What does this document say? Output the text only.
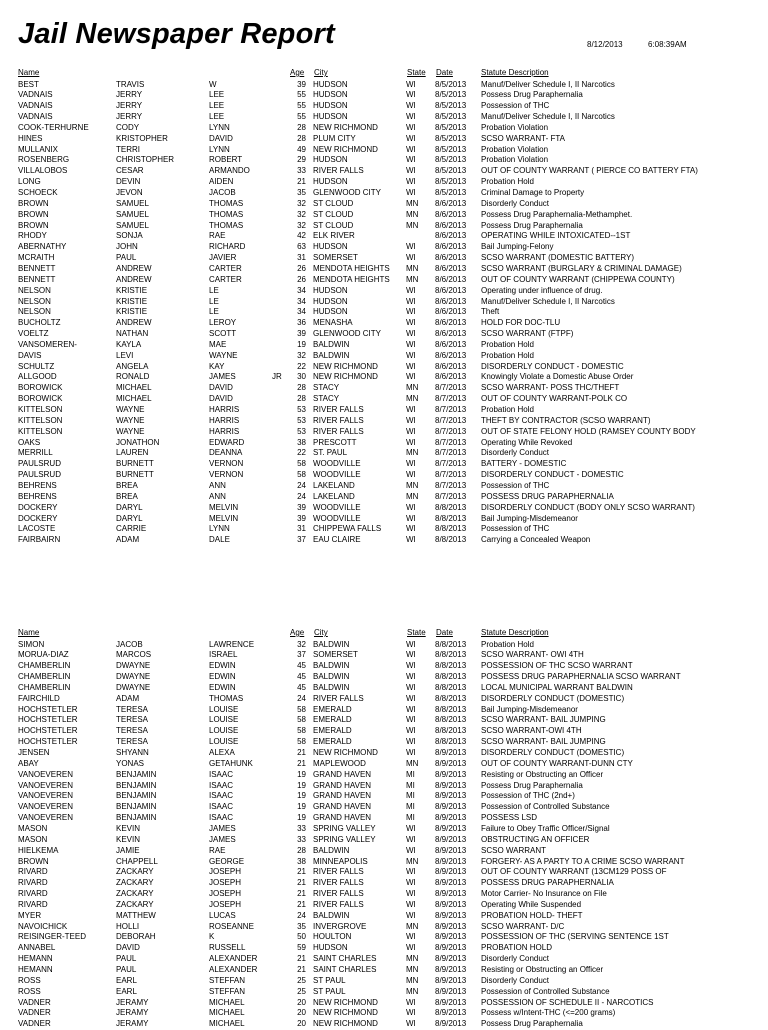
Jail Newspaper Report	8/12/2013	6:08:39AM
Name	Age City	State Date	Statute Description
BEST	TRAVIS	W	39 HUDSON	WI	8/5/2013	Manuf/Deliver Schedule I, II Narcotics
VADNAIS	JERRY	LEE	55 HUDSON	WI	8/5/2013	Possess Drug Paraphernalia
VADNAIS	JERRY	LEE	55 HUDSON	WI	8/5/2013	Possession of THC
VADNAIS	JERRY	LEE	55 HUDSON	WI	8/5/2013	Manuf/Deliver Schedule I, II Narcotics
COOK-TERHURNE	CODY	LYNN	28 NEW RICHMOND	WI	8/5/2013	Probation Violation
HINES	KRISTOPHER	DAVID	28 PLUM CITY	WI	8/5/2013	SCSO WARRANT- FTA
MULLANIX	TERRI	LYNN	49 NEW RICHMOND	WI	8/5/2013	Probation Violation
ROSENBERG	CHRISTOPHER	ROBERT	29 HUDSON	WI	8/5/2013	Probation Violation
VILLALOBOS	CESAR	ARMANDO	33 RIVER FALLS	WI	8/5/2013	OUT OF COUNTY WARRANT ( PIERCE CO BATTERY FTA)
LONG	DEVIN	AIDEN	21 HUDSON	WI	8/5/2013	Probation Hold
SCHOECK	JEVON	JACOB	35 GLENWOOD CITY	WI	8/5/2013	Criminal Damage to Property
BROWN	SAMUEL	THOMAS	32 ST CLOUD	MN	8/6/2013	Disorderly Conduct
BROWN	SAMUEL	THOMAS	32 ST CLOUD	MN	8/6/2013	Possess Drug Paraphernalia-Methamphet.
BROWN	SAMUEL	THOMAS	32 ST CLOUD	MN	8/6/2013	Possess Drug Paraphernalia
RHODY	SONJA	RAE	42 ELK RIVER	8/6/2013	OPERATING WHILE INTOXICATED--1ST
ABERNATHY	JOHN	RICHARD	63 HUDSON	WI	8/6/2013	Bail Jumping-Felony
MCRAITH	PAUL	JAVIER	31 SOMERSET	WI	8/6/2013	SCSO WARRANT (DOMESTIC BATTERY)
BENNETT	ANDREW	CARTER	26 MENDOTA HEIGHTS	MN	8/6/2013	SCSO WARRANT (BURGLARY & CRIMINAL DAMAGE)
BENNETT	ANDREW	CARTER	26 MENDOTA HEIGHTS	MN	8/6/2013	OUT OF COUNTY WARRANT (CHIPPEWA COUNTY)
NELSON	KRISTIE	LE	34 HUDSON	WI	8/6/2013	Operating under influence of drug.
NELSON	KRISTIE	LE	34 HUDSON	WI	8/6/2013	Manuf/Deliver Schedule I, II Narcotics
NELSON	KRISTIE	LE	34 HUDSON	WI	8/6/2013	Theft
BUCHOLTZ	ANDREW	LEROY	36 MENASHA	WI	8/6/2013	HOLD FOR DOC-TLU
VOELTZ	NATHAN	SCOTT	39 GLENWOOD CITY	WI	8/6/2013	SCSO WARRANT (FTPF)
VANSOMEREN-	KAYLA	MAE	19 BALDWIN	WI	8/6/2013	Probation Hold
DAVIS	LEVI	WAYNE	32 BALDWIN	WI	8/6/2013	Probation Hold
SCHULTZ	ANGELA	KAY	22 NEW RICHMOND	WI	8/6/2013	DISORDERLY CONDUCT - DOMESTIC
ALLGOOD	RONALD	JAMES	JR	30 NEW RICHMOND	WI	8/6/2013	Knowingly Violate a Domestic Abuse Order
BOROWICK	MICHAEL	DAVID	28 STACY	MN	8/7/2013	SCSO WARRANT- POSS THC/THEFT
BOROWICK	MICHAEL	DAVID	28 STACY	MN	8/7/2013	OUT OF COUNTY WARRANT-POLK CO
KITTELSON	WAYNE	HARRIS	53 RIVER FALLS	WI	8/7/2013	Probation Hold
KITTELSON	WAYNE	HARRIS	53 RIVER FALLS	WI	8/7/2013	THEFT BY CONTRACTOR (SCSO WARRANT)
KITTELSON	WAYNE	HARRIS	53 RIVER FALLS	WI	8/7/2013	OUT OF STATE FELONY HOLD (RAMSEY COUNTY BODY
OAKS	JONATHON	EDWARD	38 PRESCOTT	WI	8/7/2013	Operating While Revoked
MERRILL	LAUREN	DEANNA	22 ST. PAUL	MN	8/7/2013	Disorderly Conduct
PAULSRUD	BURNETT	VERNON	58 WOODVILLE	WI	8/7/2013	BATTERY - DOMESTIC
PAULSRUD	BURNETT	VERNON	58 WOODVILLE	WI	8/7/2013	DISORDERLY CONDUCT - DOMESTIC
BEHRENS	BREA	ANN	24 LAKELAND	MN	8/7/2013	Possession of THC
BEHRENS	BREA	ANN	24 LAKELAND	MN	8/7/2013	POSSESS DRUG PARAPHERNALIA
DOCKERY	DARYL	MELVIN	39 WOODVILLE	WI	8/8/2013	DISORDERLY CONDUCT (BODY ONLY SCSO WARRANT)
DOCKERY	DARYL	MELVIN	39 WOODVILLE	WI	8/8/2013	Bail Jumping-Misdemeanor
LACOSTE	CARRIE	LYNN	31 CHIPPEWA FALLS	WI	8/8/2013	Possession of THC
FAIRBAIRN	ADAM	DALE	37 EAU CLAIRE	WI	8/8/2013	Carrying a Concealed Weapon
Name	Age City	State Date	Statute Description
SIMON	JACOB	LAWRENCE	32 BALDWIN	WI	8/8/2013	Probation Hold
MORUA-DIAZ	MARCOS	ISRAEL	37 SOMERSET	WI	8/8/2013	SCSO WARRANT- OWI 4TH
CHAMBERLIN	DWAYNE	EDWIN	45 BALDWIN	WI	8/8/2013	POSSESSION OF THC SCSO WARRANT
CHAMBERLIN	DWAYNE	EDWIN	45 BALDWIN	WI	8/8/2013	POSSESS DRUG PARAPHERNALIA SCSO WARRANT
CHAMBERLIN	DWAYNE	EDWIN	45 BALDWIN	WI	8/8/2013	LOCAL MUNICIPAL WARRANT BALDWIN
FAIRCHILD	ADAM	THOMAS	24 RIVER FALLS	WI	8/8/2013	DISORDERLY CONDUCT (DOMESTIC)
HOCHSTETLER	TERESA	LOUISE	58 EMERALD	WI	8/8/2013	Bail Jumping-Misdemeanor
HOCHSTETLER	TERESA	LOUISE	58 EMERALD	WI	8/8/2013	SCSO WARRANT- BAIL JUMPING
HOCHSTETLER	TERESA	LOUISE	58 EMERALD	WI	8/8/2013	SCSO WARRANT-OWI 4TH
HOCHSTETLER	TERESA	LOUISE	58 EMERALD	WI	8/8/2013	SCSO WARRANT- BAIL JUMPING
JENSEN	SHYANN	ALEXA	21 NEW RICHMOND	WI	8/9/2013	DISORDERLY CONDUCT (DOMESTIC)
ABAY	YONAS	GETAHUNK	21 MAPLEWOOD	MN	8/9/2013	OUT OF COUNTY WARRANT-DUNN CTY
VANOEVEREN	BENJAMIN	ISAAC	19 GRAND HAVEN	MI	8/9/2013	Resisting or Obstructing an Officer
VANOEVEREN	BENJAMIN	ISAAC	19 GRAND HAVEN	MI	8/9/2013	Possess Drug Paraphernalia
VANOEVEREN	BENJAMIN	ISAAC	19 GRAND HAVEN	MI	8/9/2013	Possession of THC (2nd+)
VANOEVEREN	BENJAMIN	ISAAC	19 GRAND HAVEN	MI	8/9/2013	Possession of Controlled Substance
VANOEVEREN	BENJAMIN	ISAAC	19 GRAND HAVEN	MI	8/9/2013	POSSESS LSD
MASON	KEVIN	JAMES	33 SPRING VALLEY	WI	8/9/2013	Failure to Obey Traffic Officer/Signal
MASON	KEVIN	JAMES	33 SPRING VALLEY	WI	8/9/2013	OBSTRUCTING AN OFFICER
HIELKEMA	JAMIE	RAE	28 BALDWIN	WI	8/9/2013	SCSO WARRANT
BROWN	CHAPPELL	GEORGE	38 MINNEAPOLIS	MN	8/9/2013	FORGERY- AS A PARTY TO A CRIME SCSO WARRANT
RIVARD	ZACKARY	JOSEPH	21 RIVER FALLS	WI	8/9/2013	OUT OF COUNTY WARRANT (13CM129 POSS OF
RIVARD	ZACKARY	JOSEPH	21 RIVER FALLS	WI	8/9/2013	POSSESS DRUG PARAPHERNALIA
RIVARD	ZACKARY	JOSEPH	21 RIVER FALLS	WI	8/9/2013	Motor Carrier- No Insurance on File
RIVARD	ZACKARY	JOSEPH	21 RIVER FALLS	WI	8/9/2013	Operating While Suspended
MYER	MATTHEW	LUCAS	24 BALDWIN	WI	8/9/2013	PROBATION HOLD- THEFT
NAVOICHICK	HOLLI	ROSEANNE	35 INVERGROVE	MN	8/9/2013	SCSO WARRANT- D/C
REISINGER-TEED	DEBORAH	K	50 HOULTON	WI	8/9/2013	POSSESSION OF THC (SERVING SENTENCE 1ST
ANNABEL	DAVID	RUSSELL	59 HUDSON	WI	8/9/2013	PROBATION HOLD
HEMANN	PAUL	ALEXANDER	21 SAINT CHARLES	MN	8/9/2013	Disorderly Conduct
HEMANN	PAUL	ALEXANDER	21 SAINT CHARLES	MN	8/9/2013	Resisting or Obstructing an Officer
ROSS	EARL	STEFFAN	25 ST PAUL	MN	8/9/2013	Disorderly Conduct
ROSS	EARL	STEFFAN	25 ST PAUL	MN	8/9/2013	Possession of Controlled Substance
VADNER	JERAMY	MICHAEL	20 NEW RICHMOND	WI	8/9/2013	POSSESSION OF SCHEDULE II - NARCOTICS
VADNER	JERAMY	MICHAEL	20 NEW RICHMOND	WI	8/9/2013	Possess w/Intent-THC (<=200 grams)
VADNER	JERAMY	MICHAEL	20 NEW RICHMOND	WI	8/9/2013	Possess Drug Paraphernalia
